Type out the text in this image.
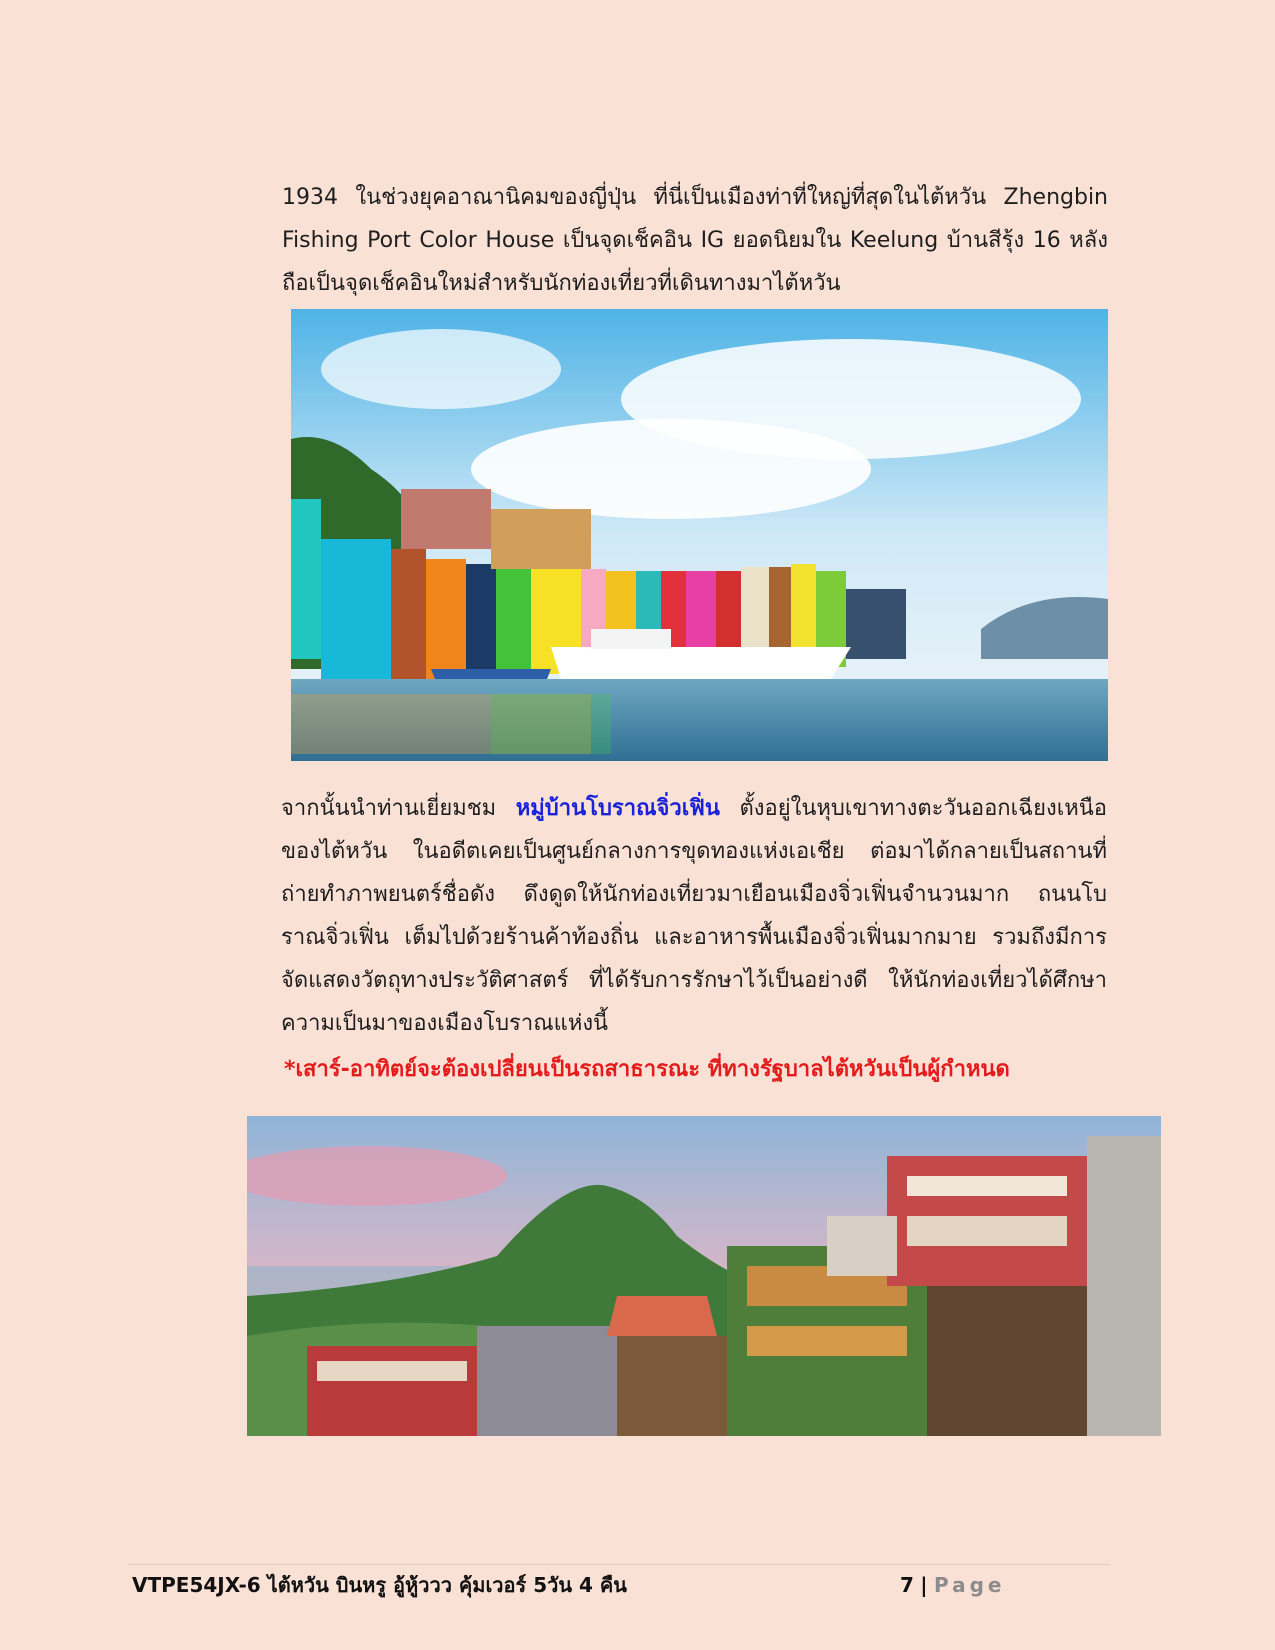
1934 ในช่วงยุคอาณานิคมของญี่ปุ่น ที่นี่เป็นเมืองท่าที่ใหญ่ที่สุดในไต้หวัน Zhengbin Fishing Port Color House เป็นจุดเช็คอิน IG ยอดนิยมใน Keelung บ้านสีรุ้ง 16 หลังถือเป็นจุดเช็คอินใหม่สำหรับนักท่องเที่ยวที่เดินทางมาไต้หวัน

จากนั้นนำท่านเยี่ยมชม หมู่บ้านโบราณจิ่วเฟิ่น ตั้งอยู่ในหุบเขาทางตะวันออกเฉียงเหนือของไต้หวัน ในอดีตเคยเป็นศูนย์กลางการขุดทองแห่งเอเชีย ต่อมาได้กลายเป็นสถานที่ถ่ายทำภาพยนตร์ชื่อดัง ดึงดูดให้นักท่องเที่ยวมาเยือนเมืองจิ่วเฟิ่นจำนวนมาก ถนนโบราณจิ่วเฟิ่น เต็มไปด้วยร้านค้าท้องถิ่น และอาหารพื้นเมืองจิ่วเฟิ่นมากมาย รวมถึงมีการจัดแสดงวัตถุทางประวัติศาสตร์ ที่ได้รับการรักษาไว้เป็นอย่างดี ให้นักท่องเที่ยวได้ศึกษาความเป็นมาของเมืองโบราณแห่งนี้

*เสาร์-อาทิตย์จะต้องเปลี่ยนเป็นรถสาธารณะ ที่ทางรัฐบาลไต้หวันเป็นผู้กำหนด

VTPE54JX-6 ไต้หวัน บินหรู อู้หู้ววว คุ้มเวอร์ 5วัน 4 คืน	7 | Page
